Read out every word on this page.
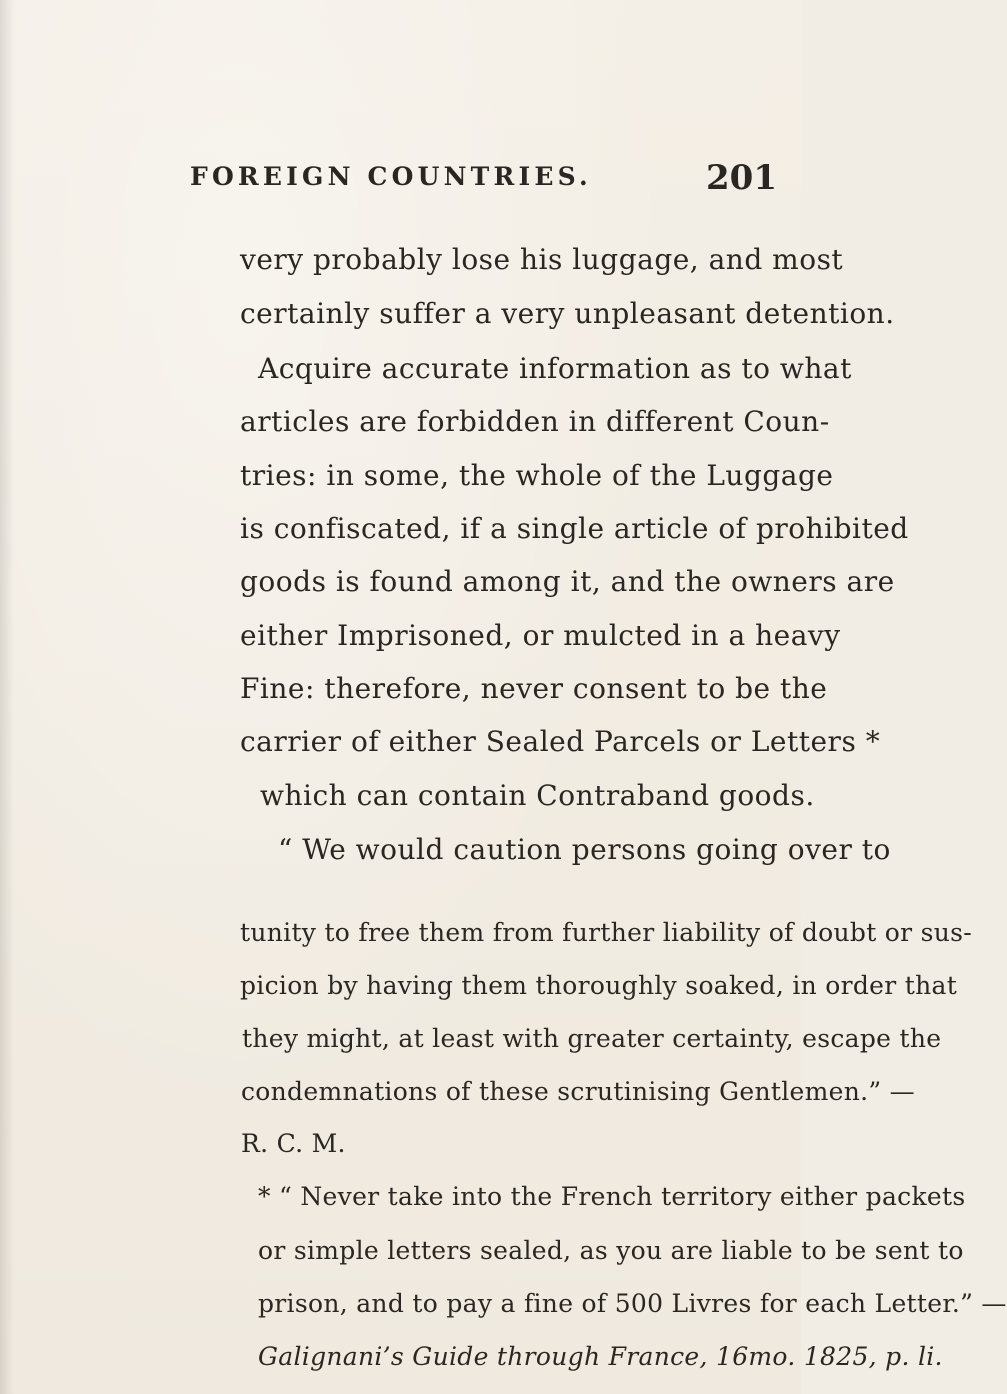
FOREIGN COUNTRIES.	201
very probably lose his luggage, and most
certainly suffer a very unpleasant detention.
Acquire accurate information as to what
articles are forbidden in different Coun-
tries: in some, the whole of the Luggage
is confiscated, if a single article of prohibited
goods is found among it, and the owners are
either Imprisoned, or mulcted in a heavy
Fine: therefore, never consent to be the
carrier of either Sealed Parcels or Letters *
which can contain Contraband goods.
“ We would caution persons going over to
tunity to free them from further liability of doubt or sus-
picion by having them thoroughly soaked, in order that
they might, at least with greater certainty, escape the
condemnations of these scrutinising Gentlemen.” —
R. C. M.
* “ Never take into the French territory either packets
or simple letters sealed, as you are liable to be sent to
prison, and to pay a fine of 500 Livres for each Letter.” —
Galignani’s Guide through France, 16mo. 1825, p. li.
